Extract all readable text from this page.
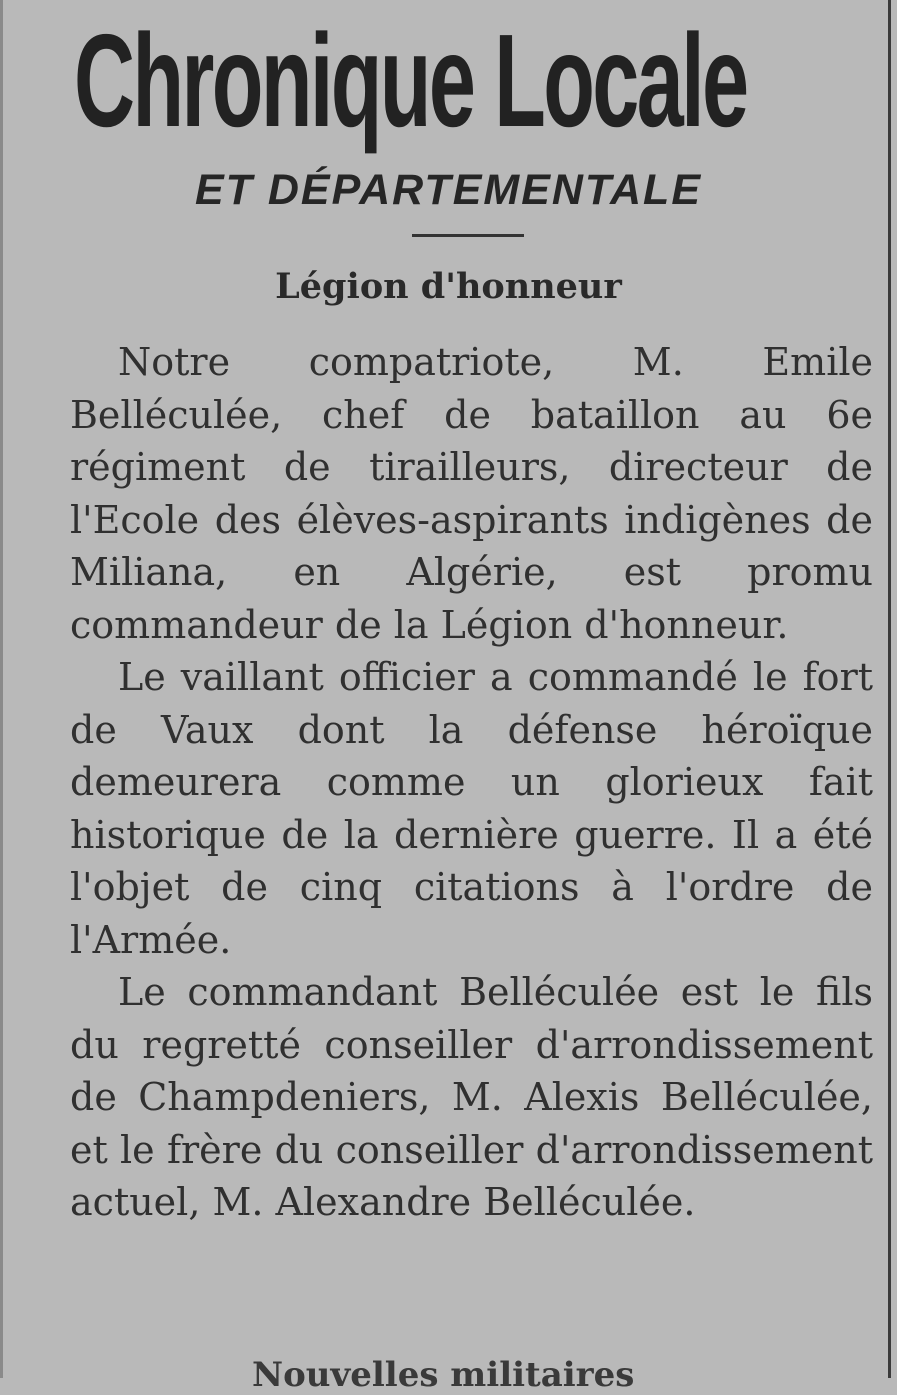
Chronique Locale
ET DÉPARTEMENTALE
Légion d'honneur

Notre compatriote, M. Emile Belléculée, chef de bataillon au 6e régiment de tirailleurs, directeur de l'Ecole des élèves-aspirants indigènes de Miliana, en Algérie, est promu commandeur de la Légion d'honneur.

Le vaillant officier a commandé le fort de Vaux dont la défense héroïque demeurera comme un glorieux fait historique de la dernière guerre. Il a été l'objet de cinq citations à l'ordre de l'Armée.

Le commandant Belléculée est le fils du regretté conseiller d'arrondissement de Champdeniers, M. Alexis Belléculée, et le frère du conseiller d'arrondissement actuel, M. Alexandre Belléculée.

Nouvelles militaires
